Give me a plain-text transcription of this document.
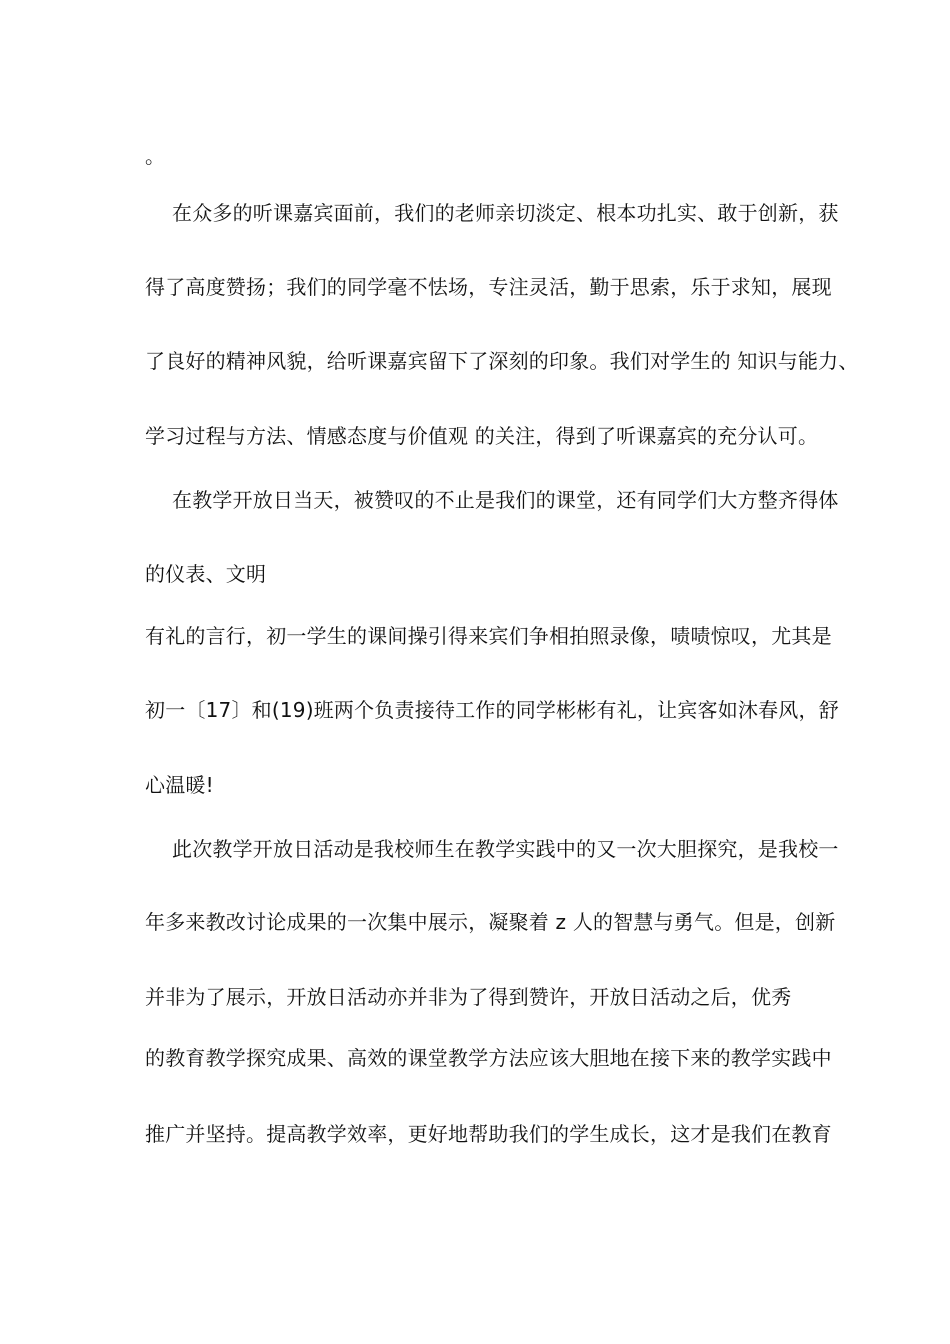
。
在众多的听课嘉宾面前，我们的老师亲切淡定、根本功扎实、敢于创新，获
得了高度赞扬；我们的同学毫不怯场，专注灵活，勤于思索，乐于求知，展现
了良好的精神风貌，给听课嘉宾留下了深刻的印象。我们对学生的 知识与能力、
学习过程与方法、情感态度与价值观 的关注，得到了听课嘉宾的充分认可。
在教学开放日当天，被赞叹的不止是我们的课堂，还有同学们大方整齐得体
的仪表、文明
有礼的言行，初一学生的课间操引得来宾们争相拍照录像，啧啧惊叹，尤其是
初一〔17〕和(19)班两个负责接待工作的同学彬彬有礼，让宾客如沐春风，舒
心温暖!
此次教学开放日活动是我校师生在教学实践中的又一次大胆探究，是我校一
年多来教改讨论成果的一次集中展示，凝聚着 z 人的智慧与勇气。但是，创新
并非为了展示，开放日活动亦并非为了得到赞许，开放日活动之后，优秀
的教育教学探究成果、高效的课堂教学方法应该大胆地在接下来的教学实践中
推广并坚持。提高教学效率，更好地帮助我们的学生成长，这才是我们在教育
